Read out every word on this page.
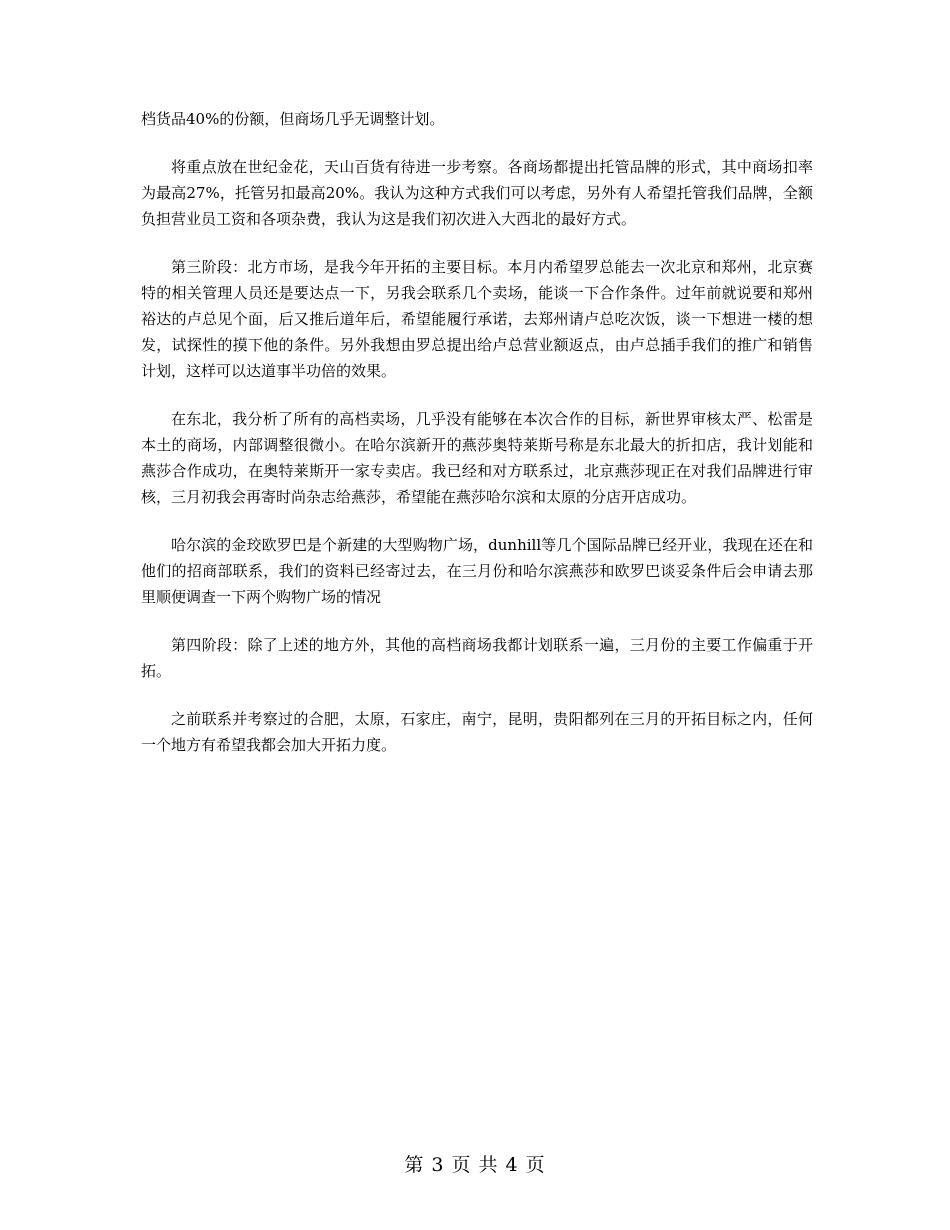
档货品40%的份额，但商场几乎无调整计划。

将重点放在世纪金花，天山百货有待进一步考察。各商场都提出托管品牌的形式，其中商场扣率为最高27%，托管另扣最高20%。我认为这种方式我们可以考虑，另外有人希望托管我们品牌，全额负担营业员工资和各项杂费，我认为这是我们初次进入大西北的最好方式。

第三阶段：北方市场，是我今年开拓的主要目标。本月内希望罗总能去一次北京和郑州，北京赛特的相关管理人员还是要达点一下，另我会联系几个卖场，能谈一下合作条件。过年前就说要和郑州裕达的卢总见个面，后又推后道年后，希望能履行承诺，去郑州请卢总吃次饭，谈一下想进一楼的想发，试探性的摸下他的条件。另外我想由罗总提出给卢总营业额返点，由卢总插手我们的推广和销售计划，这样可以达道事半功倍的效果。

在东北，我分析了所有的高档卖场，几乎没有能够在本次合作的目标，新世界审核太严、松雷是本土的商场，内部调整很微小。在哈尔滨新开的燕莎奥特莱斯号称是东北最大的折扣店，我计划能和燕莎合作成功，在奥特莱斯开一家专卖店。我已经和对方联系过，北京燕莎现正在对我们品牌进行审核，三月初我会再寄时尚杂志给燕莎，希望能在燕莎哈尔滨和太原的分店开店成功。

哈尔滨的金珓欧罗巴是个新建的大型购物广场，dunhill等几个国际品牌已经开业，我现在还在和他们的招商部联系，我们的资料已经寄过去，在三月份和哈尔滨燕莎和欧罗巴谈妥条件后会申请去那里顺便调查一下两个购物广场的情况

第四阶段：除了上述的地方外，其他的高档商场我都计划联系一遍，三月份的主要工作偏重于开拓。

之前联系并考察过的合肥，太原，石家庄，南宁，昆明，贵阳都列在三月的开拓目标之内，任何一个地方有希望我都会加大开拓力度。

第 3 页 共 4 页
